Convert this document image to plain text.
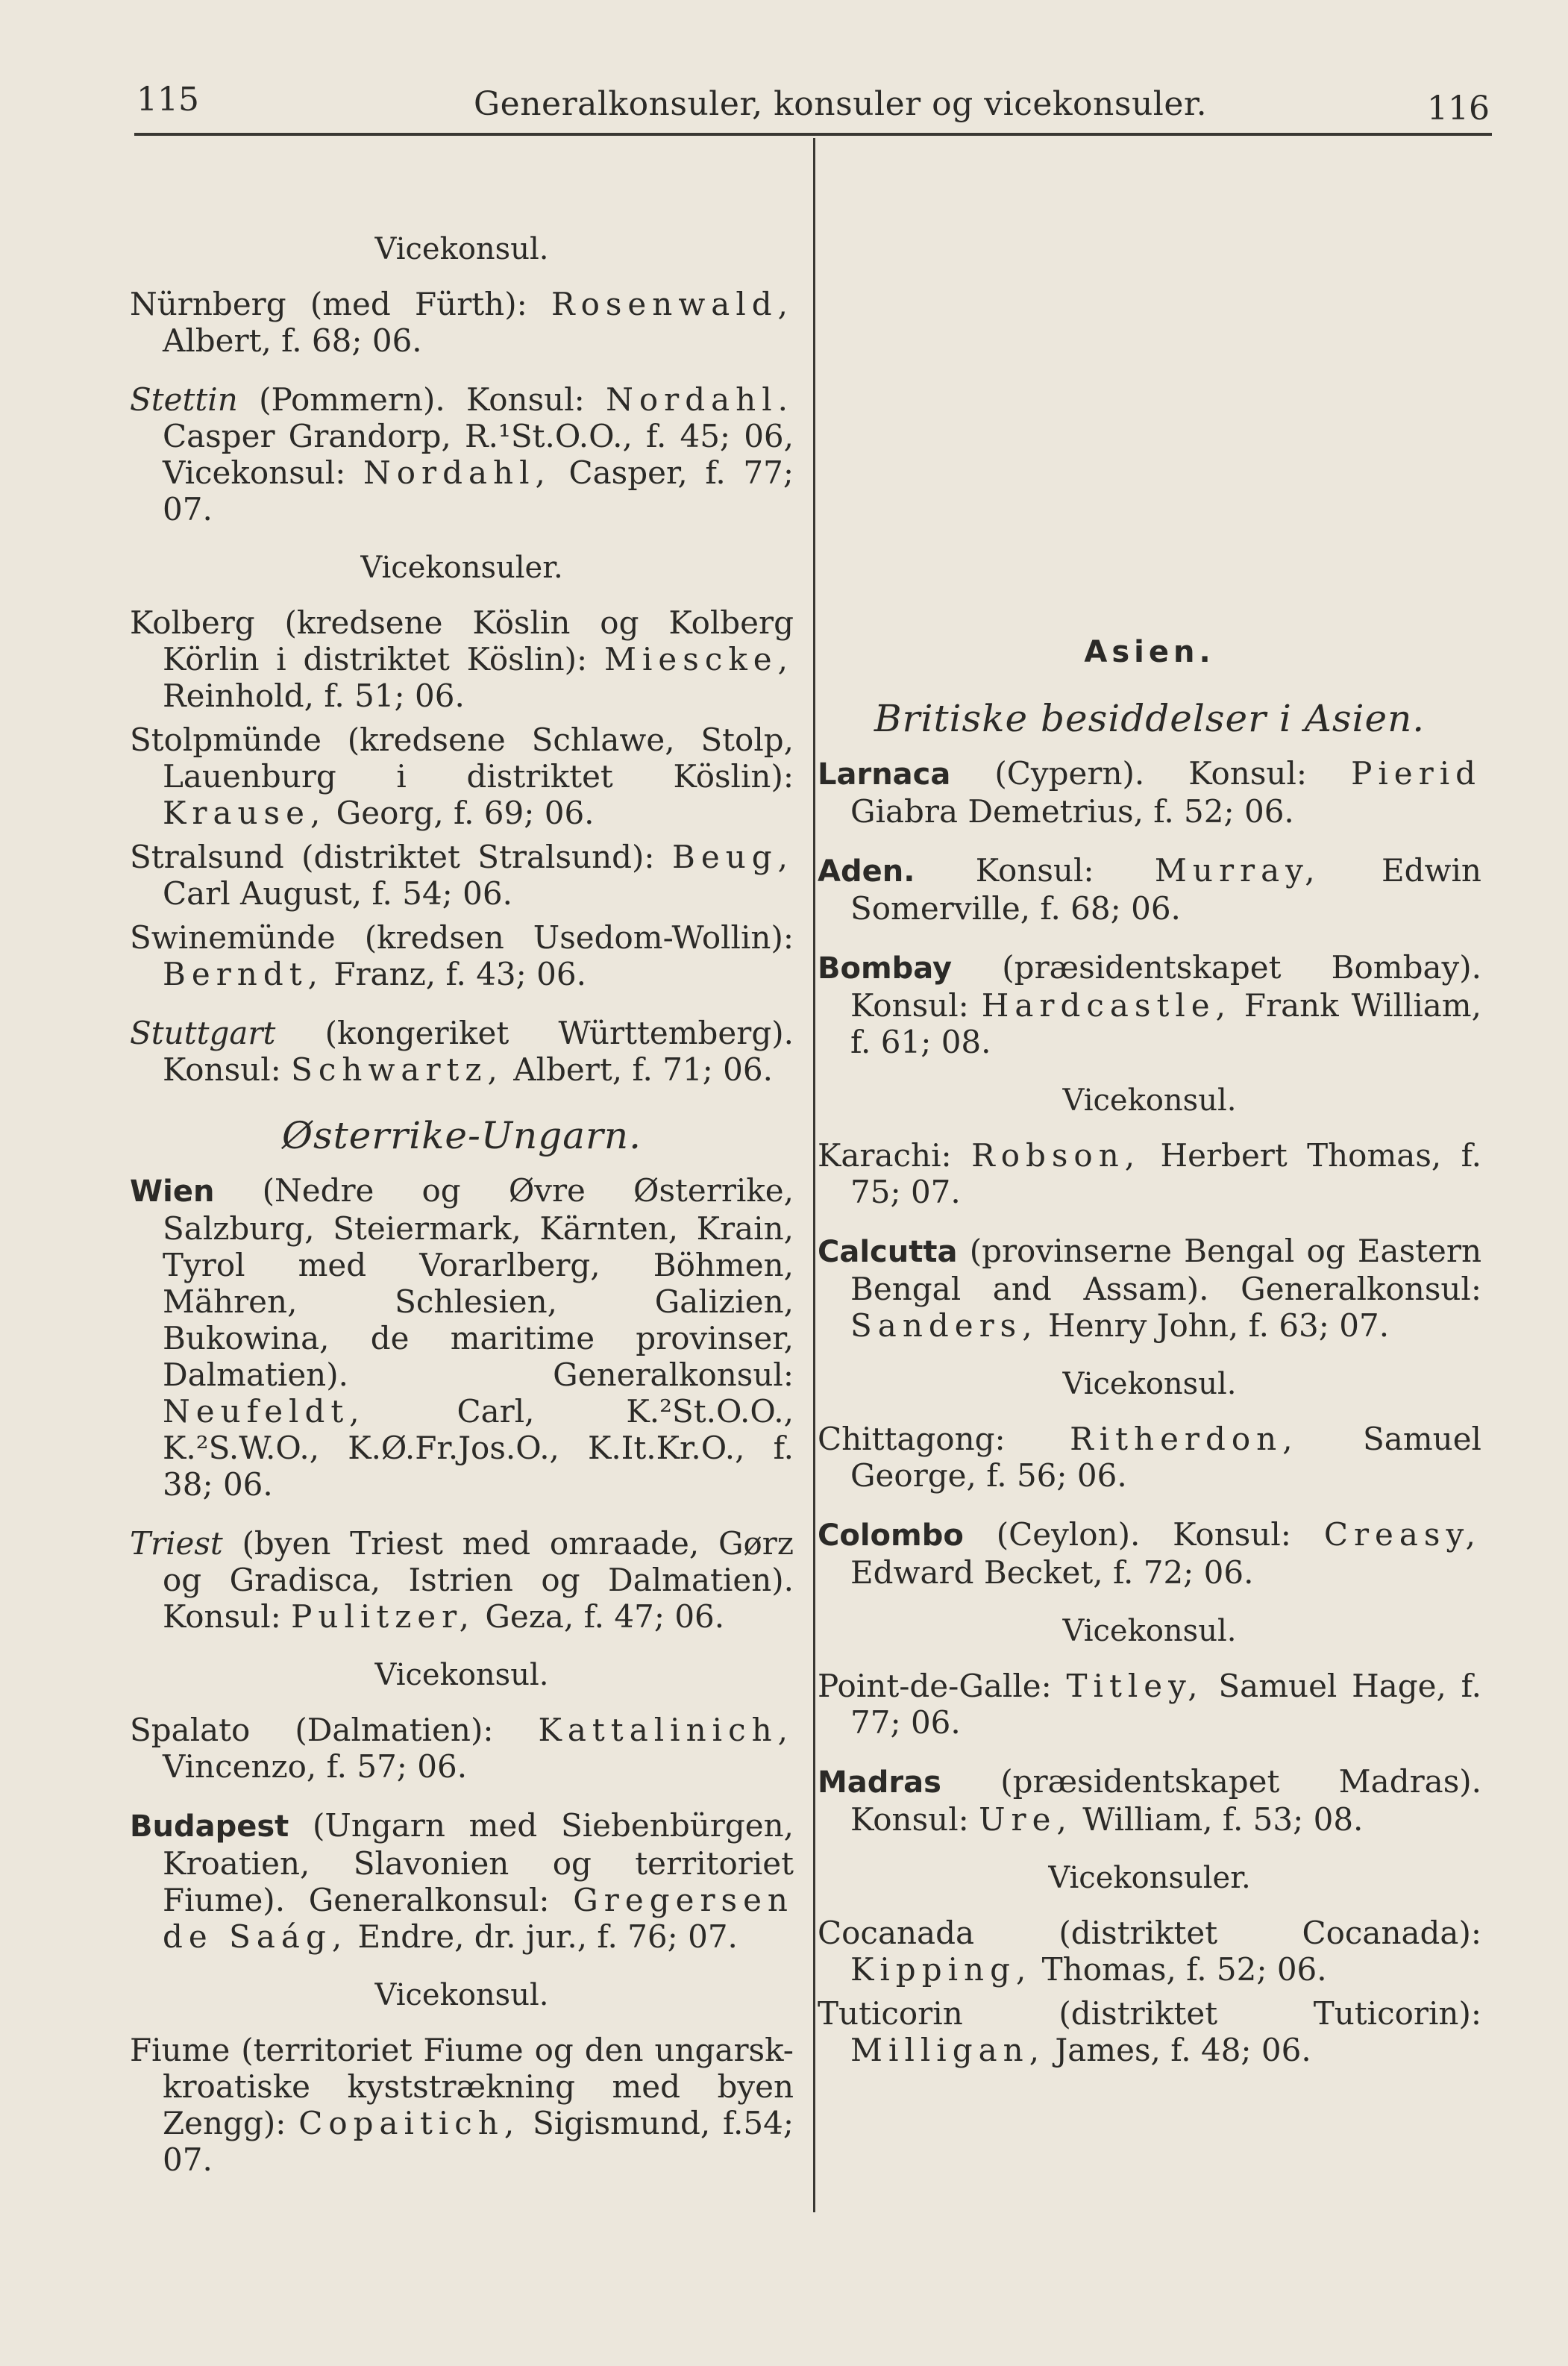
115	Generalkonsuler, konsuler og vicekonsuler.	116
Vicekonsul.

Nürnberg (med Fürth): Rosenwald, Albert, f. 68; 06.

Stettin (Pommern). Konsul: Nordahl. Casper Grandorp, R.¹St.O.O., f. 45; 06, Vicekonsul: Nordahl, Casper, f. 77; 07.

Vicekonsuler.

Kolberg (kredsene Köslin og Kolberg Körlin i distriktet Köslin): Miescke, Reinhold, f. 51; 06.

Stolpmünde (kredsene Schlawe, Stolp, Lauenburg i distriktet Köslin): Krause, Georg, f. 69; 06.

Stralsund (distriktet Stralsund): Beug, Carl August, f. 54; 06.

Swinemünde (kredsen Usedom-Wollin): Berndt, Franz, f. 43; 06.

Stuttgart (kongeriket Württemberg). Konsul: Schwartz, Albert, f. 71; 06.

Østerrike-Ungarn.

Wien (Nedre og Øvre Østerrike, Salzburg, Steiermark, Kärnten, Krain, Tyrol med Vorarlberg, Böhmen, Mähren, Schlesien, Galizien, Bukowina, de maritime provinser, Dalmatien). Generalkonsul: Neufeldt,	Carl, K.²St.O.O., K.²S.W.O., K.Ø.Fr.Jos.O., K.It.Kr.O., f. 38; 06.

Triest (byen Triest med omraade, Gørz og Gradisca, Istrien og Dalmatien). Konsul: Pulitzer, Geza, f. 47; 06.

Vicekonsul.

Spalato (Dalmatien): Kattalinich, Vincenzo, f. 57; 06.

Budapest (Ungarn med Siebenbürgen, Kroatien, Slavonien og territoriet Fiume). Generalkonsul: Gregersen de Saág, Endre, dr. jur., f. 76; 07.

Vicekonsul.

Fiume (territoriet Fiume og den ungarsk-kroatiske kyststrækning med byen Zengg): Copaitich, Sigismund, f.54; 07.

Asien.
Britiske besiddelser i Asien.

Larnaca (Cypern). Konsul: Pierid Giabra Demetrius, f. 52; 06.

Aden. Konsul: Murray, Edwin Somerville, f. 68; 06.

Bombay (præsidentskapet Bombay). Konsul: Hardcastle, Frank William, f. 61; 08.

Vicekonsul.

Karachi: Robson, Herbert Thomas, f. 75; 07.

Calcutta (provinserne Bengal og Eastern Bengal and Assam). Generalkonsul: Sanders, Henry John, f. 63; 07.

Vicekonsul.

Chittagong: Ritherdon, Samuel George, f. 56; 06.

Colombo (Ceylon). Konsul: Creasy, Edward Becket, f. 72; 06.

Vicekonsul.

Point-de-Galle: Titley, Samuel Hage, f. 77; 06.

Madras (præsidentskapet Madras). Konsul: Ure, William, f. 53; 08.

Vicekonsuler.

Cocanada (distriktet Cocanada): Kipping, Thomas, f. 52; 06.

Tuticorin (distriktet Tuticorin): Milligan, James, f. 48; 06.
